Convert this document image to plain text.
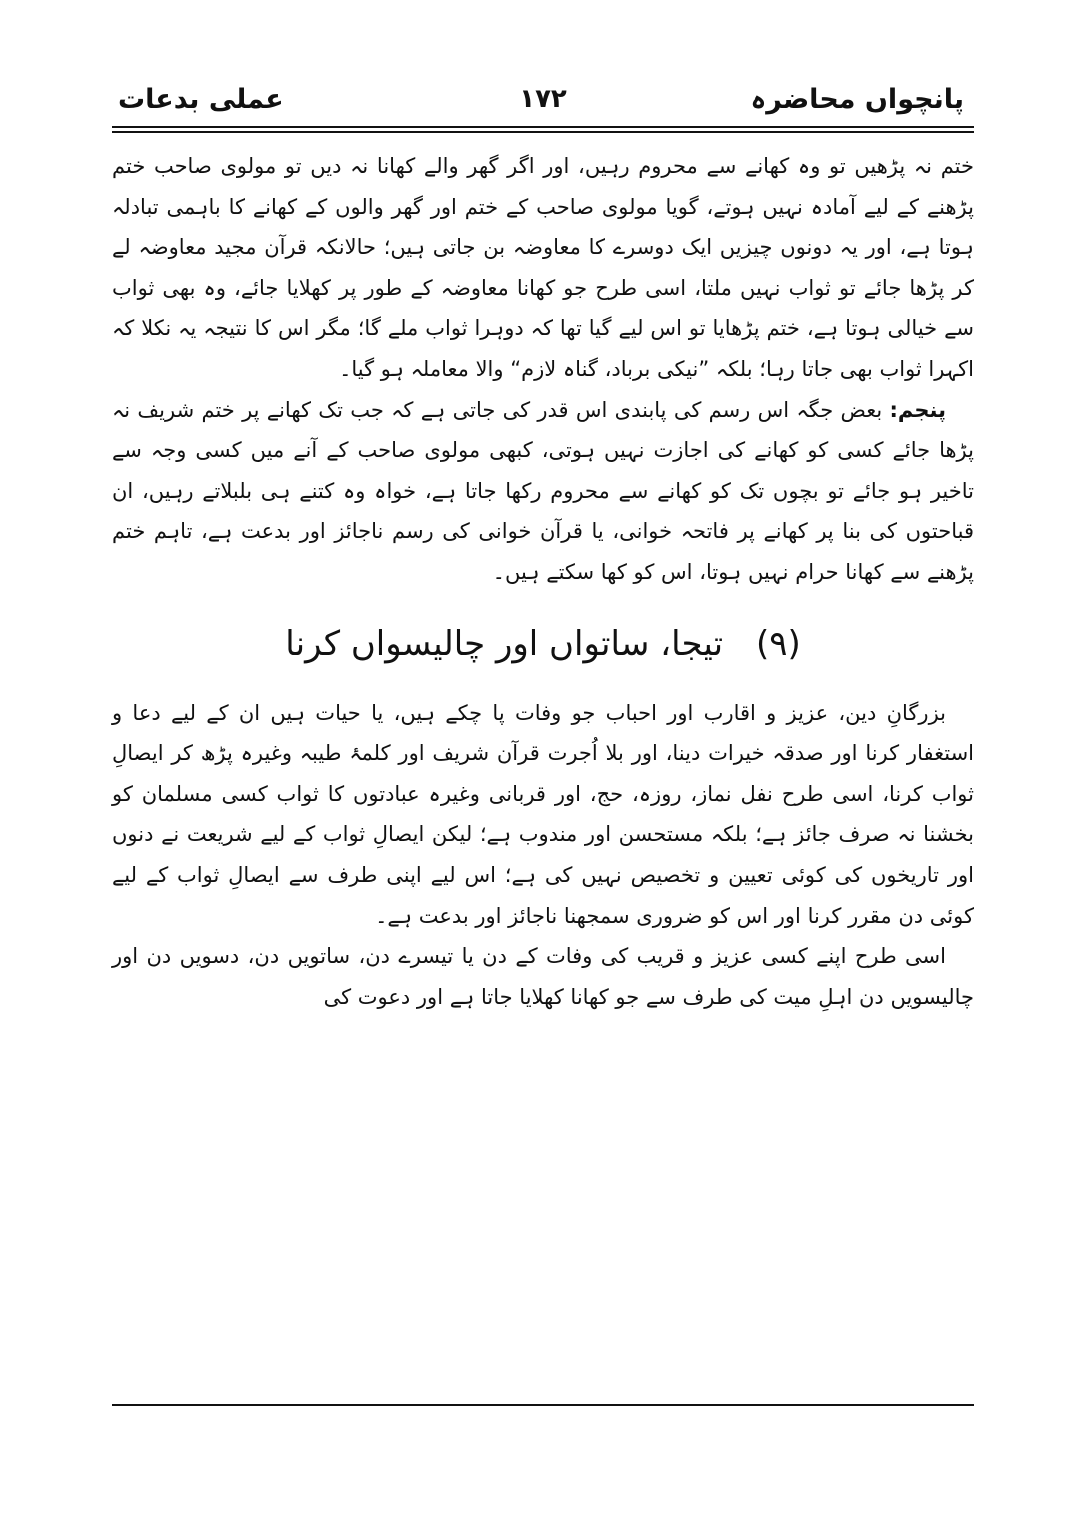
پانچواں محاضرہ
۱۷۲
عملی بدعات

ختم نہ پڑھیں تو وہ کھانے سے محروم رہیں، اور اگر گھر والے کھانا نہ دیں تو مولوی صاحب ختم پڑھنے کے لیے آمادہ نہیں ہوتے، گویا مولوی صاحب کے ختم اور گھر والوں کے کھانے کا باہمی تبادلہ ہوتا ہے، اور یہ دونوں چیزیں ایک دوسرے کا معاوضہ بن جاتی ہیں؛ حالانکہ قرآن مجید معاوضہ لے کر پڑھا جائے تو ثواب نہیں ملتا، اسی طرح جو کھانا معاوضہ کے طور پر کھلایا جائے، وہ بھی ثواب سے خیالی ہوتا ہے، ختم پڑھایا تو اس لیے گیا تھا کہ دوہرا ثواب ملے گا؛ مگر اس کا نتیجہ یہ نکلا کہ اکہرا ثواب بھی جاتا رہا؛ بلکہ ”نیکی برباد، گناہ لازم“ والا معاملہ ہو گیا۔

پنجم: بعض جگہ اس رسم کی پابندی اس قدر کی جاتی ہے کہ جب تک کھانے پر ختم شریف نہ پڑھا جائے کسی کو کھانے کی اجازت نہیں ہوتی، کبھی مولوی صاحب کے آنے میں کسی وجہ سے تاخیر ہو جائے تو بچوں تک کو کھانے سے محروم رکھا جاتا ہے، خواہ وہ کتنے ہی بلبلاتے رہیں، ان قباحتوں کی بنا پر کھانے پر فاتحہ خوانی، یا قرآن خوانی کی رسم ناجائز اور بدعت ہے، تاہم ختم پڑھنے سے کھانا حرام نہیں ہوتا، اس کو کھا سکتے ہیں۔

(۹) تیجا، ساتواں اور چالیسواں کرنا

بزرگانِ دین، عزیز و اقارب اور احباب جو وفات پا چکے ہیں، یا حیات ہیں ان کے لیے دعا و استغفار کرنا اور صدقہ خیرات دینا، اور بلا اُجرت قرآن شریف اور کلمۂ طیبہ وغیرہ پڑھ کر ایصالِ ثواب کرنا، اسی طرح نفل نماز، روزہ، حج، اور قربانی وغیرہ عبادتوں کا ثواب کسی مسلمان کو بخشنا نہ صرف جائز ہے؛ بلکہ مستحسن اور مندوب ہے؛ لیکن ایصالِ ثواب کے لیے شریعت نے دنوں اور تاریخوں کی کوئی تعیین و تخصیص نہیں کی ہے؛ اس لیے اپنی طرف سے ایصالِ ثواب کے لیے کوئی دن مقرر کرنا اور اس کو ضروری سمجھنا ناجائز اور بدعت ہے۔

اسی طرح اپنے کسی عزیز و قریب کی وفات کے دن یا تیسرے دن، ساتویں دن، دسویں دن اور چالیسویں دن اہلِ میت کی طرف سے جو کھانا کھلایا جاتا ہے اور دعوت کی
